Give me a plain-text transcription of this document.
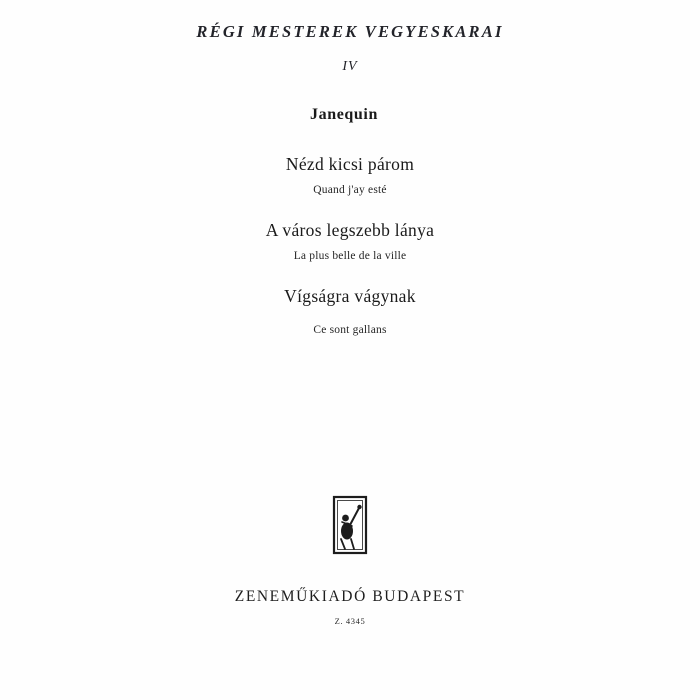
RÉGI MESTEREK VEGYESKARAI
IV
Janequin
Nézd kicsi párom
Quand j'ay esté
A város legszebb lánya
La plus belle de la ville
Vígságra vágynak
Ce sont gallans
ZENEMŰKIADÓ BUDAPEST
Z. 4345
